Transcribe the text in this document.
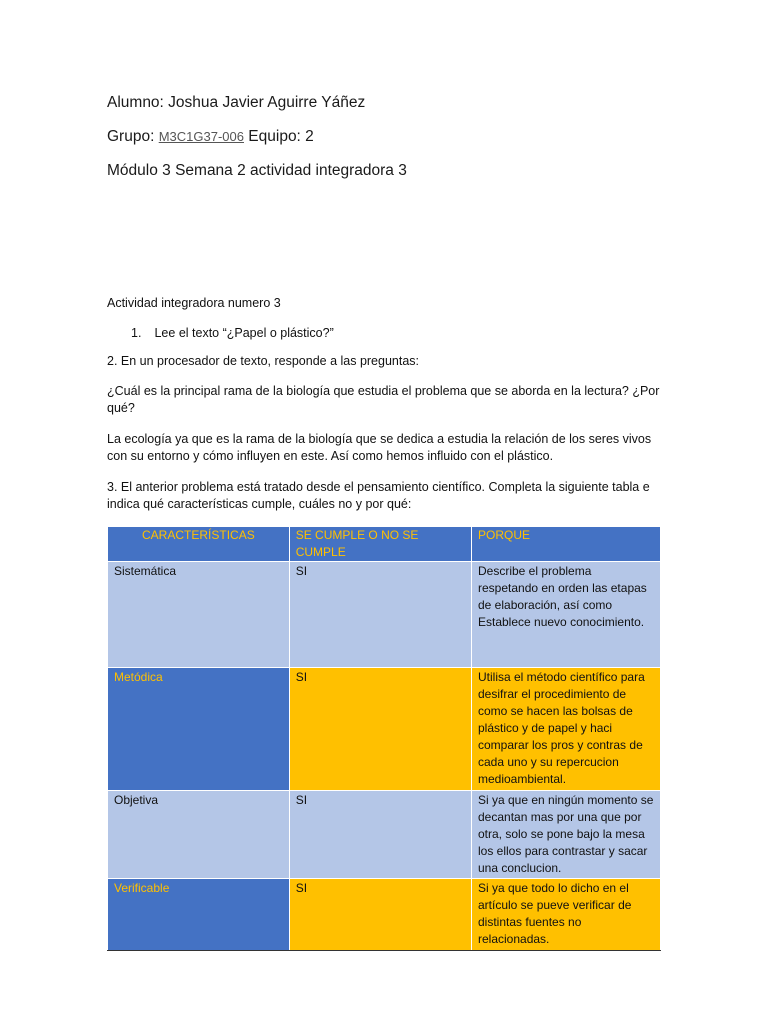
Alumno: Joshua Javier Aguirre Yáñez
Grupo: M3C1G37-006 Equipo: 2
Módulo 3 Semana 2 actividad integradora 3
Actividad integradora numero 3
1. Lee el texto “¿Papel o plástico?”
2. En un procesador de texto, responde a las preguntas:
¿Cuál es la principal rama de la biología que estudia el problema que se aborda en la lectura? ¿Por qué?
La ecología ya que es la rama de la biología que se dedica a estudia la relación de los seres vivos con su entorno y cómo influyen en este. Así como hemos influido con el plástico.
3. El anterior problema está tratado desde el pensamiento científico. Completa la siguiente tabla e indica qué características cumple, cuáles no y por qué:
CARACTERÍSTICAS	SE CUMPLE O NO SE CUMPLE	PORQUE
Sistemática	SI	Describe el problema respetando en orden las etapas de elaboración, así como Establece nuevo conocimiento.
Metódica	SI	Utilisa el método científico para desifrar el procedimiento de como se hacen las bolsas de plástico y de papel y haci comparar los pros y contras de cada uno y su repercucion medioambiental.
Objetiva	SI	Si ya que en ningún momento se decantan mas por una que por otra, solo se pone bajo la mesa los ellos para contrastar y sacar una conclucion.
Verificable	SI	Si ya que todo lo dicho en el artículo se pueve verificar de distintas fuentes no relacionadas.
